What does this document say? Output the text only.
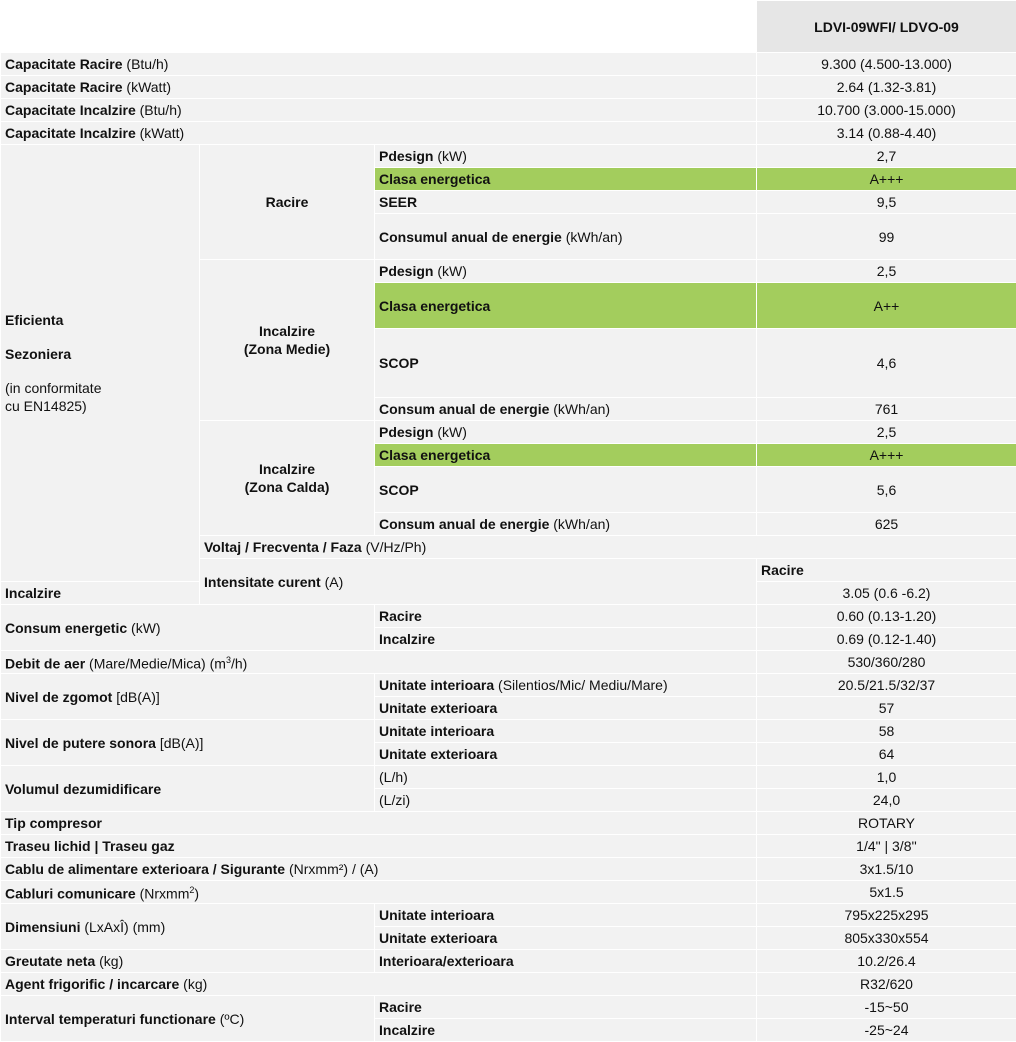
			LDVI-09WFI/ LDVO-09	
Capacitate Racire (Btu/h)			9.300 (4.500-13.000)	
Capacitate Racire (kWatt)			2.64 (1.32-3.81)	
Capacitate Incalzire (Btu/h)			10.700 (3.000-15.000)	
Capacitate Incalzire (kWatt)			3.14 (0.88-4.40)	

Eficienta

Sezoniera

(in conformitate
cu EN14825)	Racire	Pdesign (kW)	2,7	
		Clasa energetica	A+++	
		SEER	9,5	
		Consumul anual de energie (kWh/an)	99	
	Incalzire
(Zona Medie)	Pdesign (kW)	2,5	
		Clasa energetica	A++	
		SCOP	4,6	
		Consum anual de energie (kWh/an)	761	
	Incalzire
(Zona Calda)	Pdesign (kW)	2,5	
		Clasa energetica	A+++	
		SCOP	5,6	
		Consum anual de energie (kWh/an)	625	
	Voltaj / Frecventa / Faza (V/Hz/Ph)	
	Intensitate curent (A)		Racire	
Incalzire			3.05 (0.6 -6.2)	
Consum energetic (kW)		Racire	0.60 (0.13-1.20)	
		Incalzire	0.69 (0.12-1.40)	
Debit de aer (Mare/Medie/Mica) $(m^3/h)$			530/360/280	
Nivel de zgomot [dB(A)]		Unitate interioara (Silentios/Mic/ Mediu/Mare)	20.5/21.5/32/37	
		Unitate exterioara	57	
Nivel de putere sonora [dB(A)]		Unitate interioara	58	
		Unitate exterioara	64	
Volumul dezumidificare		(L/h)	1,0	
		(L/zi)	24,0	
Tip compresor			ROTARY	
Traseu lichid | Traseu gaz			1/4" | 3/8''	
Cablu de alimentare exterioara / Sigurante (Nrxmm²) / (A)			3x1.5/10	
Cabluri comunicare (Nrxmm$^2$)			5x1.5	
Dimensiuni (LxAxÎ) (mm)		Unitate interioara	795x225x295	
		Unitate exterioara	805x330x554	
Greutate neta (kg)		Interioara/exterioara	10.2/26.4	
Agent frigorific / incarcare (kg)			R32/620	
Interval temperaturi functionare (ºC)		Racire	-15~50	
		Incalzire	-25~24	
